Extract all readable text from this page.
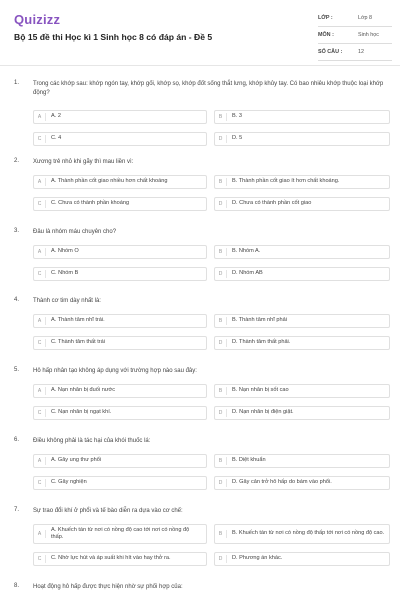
Quizizz
Bộ 15 đề thi Học kì 1 Sinh học 8 có đáp án - Đề 5
LỚP :	Lớp 8
MÔN :	Sinh học
SỐ CÂU :	12
1. Trong các khớp sau: khớp ngón tay, khớp gối, khớp sọ, khớp đốt sống thắt lưng, khớp khủy tay. Có bao nhiêu khớp thuộc loại khớp động?
A	A. 2	B	B. 3
C	C. 4	D	D. 5
2. Xương trẻ nhỏ khi gãy thì mau liền vì:
A	A. Thành phần cốt giao nhiều hơn chất khoáng	B	B. Thành phần cốt giao ít hơn chất khoáng.
C	C. Chưa có thành phần khoáng	D	D. Chưa có thành phần cốt giao
3. Đâu là nhóm máu chuyên cho?
A	A. Nhóm O	B	B. Nhóm A.
C	C. Nhóm B	D	D. Nhóm AB
4. Thành cơ tim dày nhất là:
A	A. Thành tâm nhĩ trái.	B	B. Thành tâm nhĩ phải
C	C. Thành tâm thất trái	D	D. Thành tâm thất phải.
5. Hô hấp nhân tạo không áp dụng với trường hợp nào sau đây:
A	A. Nạn nhân bị đuối nước	B	B. Nạn nhân bị sốt cao
C	C. Nạn nhân bị ngạt khí.	D	D. Nạn nhân bị điện giật.
6. Điều không phải là tác hại của khói thuốc lá:
A	A. Gây ung thư phổi	B	B. Diệt khuẩn
C	C. Gây nghiện	D	D. Gây cản trở hô hấp do bám vào phổi.
7. Sự trao đổi khí ở phổi và tế bào diễn ra dựa vào cơ chế:
A
A. Khuếch tán từ nơi có nồng độ cao tới nơi có nồng độ thấp.	B	B. Khuếch tán từ nơi có nồng độ thấp tới nơi có nồng độ cao.
C	C. Nhờ lực hút và áp suất khi hít vào hay thở ra.	D	D. Phương án khác.
8. Hoạt động hô hấp được thực hiện nhờ sự phối hợp của:
